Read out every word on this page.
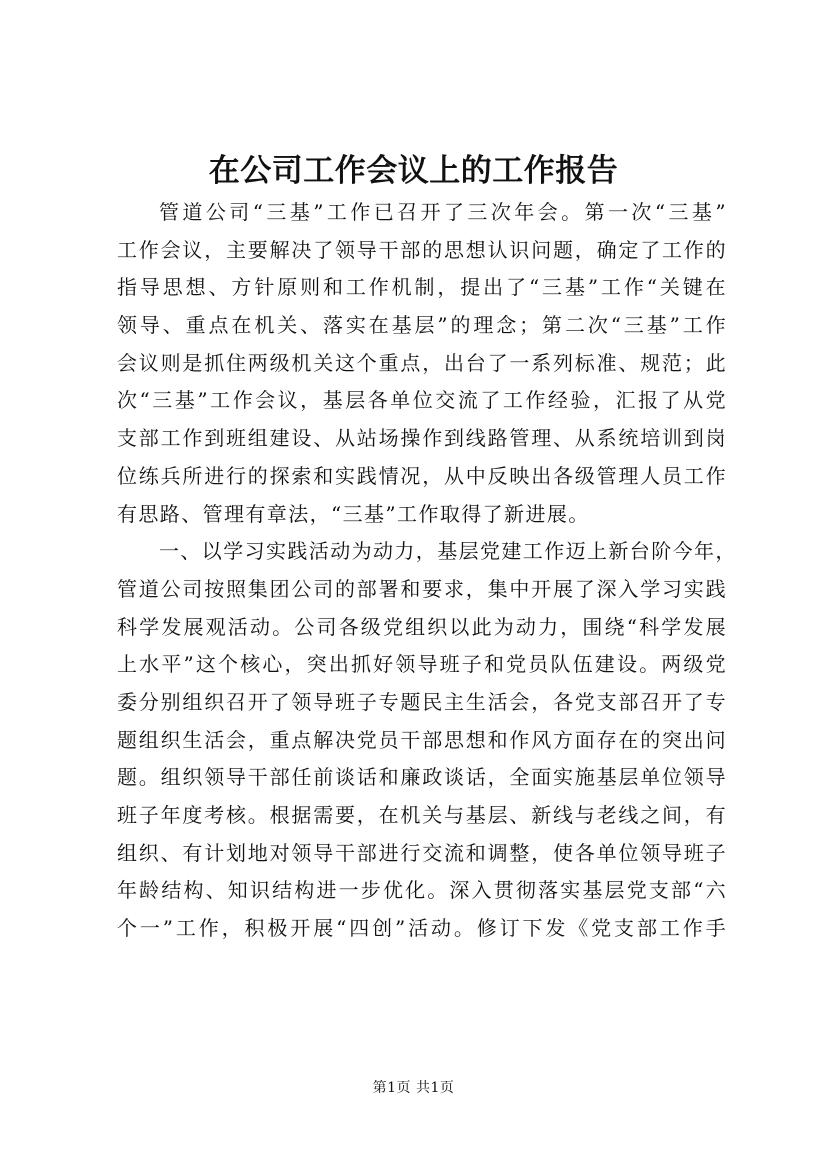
在公司工作会议上的工作报告
管道公司“三基”工作已召开了三次年会。第一次“三基”
工作会议，主要解决了领导干部的思想认识问题，确定了工作的
指导思想、方针原则和工作机制，提出了“三基”工作“关键在
领导、重点在机关、落实在基层”的理念；第二次“三基”工作
会议则是抓住两级机关这个重点，出台了一系列标准、规范；此
次“三基”工作会议，基层各单位交流了工作经验，汇报了从党
支部工作到班组建设、从站场操作到线路管理、从系统培训到岗
位练兵所进行的探索和实践情况，从中反映出各级管理人员工作
有思路、管理有章法，“三基”工作取得了新进展。
一、以学习实践活动为动力，基层党建工作迈上新台阶今年，
管道公司按照集团公司的部署和要求，集中开展了深入学习实践
科学发展观活动。公司各级党组织以此为动力，围绕“科学发展
上水平”这个核心，突出抓好领导班子和党员队伍建设。两级党
委分别组织召开了领导班子专题民主生活会，各党支部召开了专
题组织生活会，重点解决党员干部思想和作风方面存在的突出问
题。组织领导干部任前谈话和廉政谈话，全面实施基层单位领导
班子年度考核。根据需要，在机关与基层、新线与老线之间，有
组织、有计划地对领导干部进行交流和调整，使各单位领导班子
年龄结构、知识结构进一步优化。深入贯彻落实基层党支部“六
个一”工作，积极开展“四创”活动。修订下发《党支部工作手
第1页 共1页
